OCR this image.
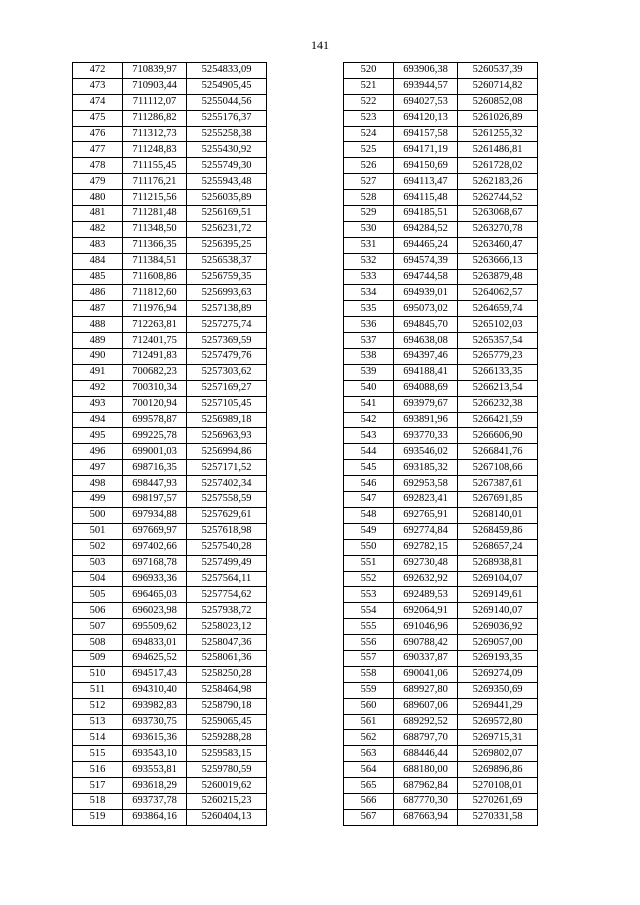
141
472	710839,97	5254833,09
473	710903,44	5254905,45
474	711112,07	5255044,56
475	711286,82	5255176,37
476	711312,73	5255258,38
477	711248,83	5255430,92
478	711155,45	5255749,30
479	711176,21	5255943,48
480	711215,56	5256035,89
481	711281,48	5256169,51
482	711348,50	5256231,72
483	711366,35	5256395,25
484	711384,51	5256538,37
485	711608,86	5256759,35
486	711812,60	5256993,63
487	711976,94	5257138,89
488	712263,81	5257275,74
489	712401,75	5257369,59
490	712491,83	5257479,76
491	700682,23	5257303,62
492	700310,34	5257169,27
493	700120,94	5257105,45
494	699578,87	5256989,18
495	699225,78	5256963,93
496	699001,03	5256994,86
497	698716,35	5257171,52
498	698447,93	5257402,34
499	698197,57	5257558,59
500	697934,88	5257629,61
501	697669,97	5257618,98
502	697402,66	5257540,28
503	697168,78	5257499,49
504	696933,36	5257564,11
505	696465,03	5257754,62
506	696023,98	5257938,72
507	695509,62	5258023,12
508	694833,01	5258047,36
509	694625,52	5258061,36
510	694517,43	5258250,28
511	694310,40	5258464,98
512	693982,83	5258790,18
513	693730,75	5259065,45
514	693615,36	5259288,28
515	693543,10	5259583,15
516	693553,81	5259780,59
517	693618,29	5260019,62
518	693737,78	5260215,23
519	693864,16	5260404,13
520	693906,38	5260537,39
521	693944,57	5260714,82
522	694027,53	5260852,08
523	694120,13	5261026,89
524	694157,58	5261255,32
525	694171,19	5261486,81
526	694150,69	5261728,02
527	694113,47	5262183,26
528	694115,48	5262744,52
529	694185,51	5263068,67
530	694284,52	5263270,78
531	694465,24	5263460,47
532	694574,39	5263666,13
533	694744,58	5263879,48
534	694939,01	5264062,57
535	695073,02	5264659,74
536	694845,70	5265102,03
537	694638,08	5265357,54
538	694397,46	5265779,23
539	694188,41	5266133,35
540	694088,69	5266213,54
541	693979,67	5266232,38
542	693891,96	5266421,59
543	693770,33	5266606,90
544	693546,02	5266841,76
545	693185,32	5267108,66
546	692953,58	5267387,61
547	692823,41	5267691,85
548	692765,91	5268140,01
549	692774,84	5268459,86
550	692782,15	5268657,24
551	692730,48	5268938,81
552	692632,92	5269104,07
553	692489,53	5269149,61
554	692064,91	5269140,07
555	691046,96	5269036,92
556	690788,42	5269057,00
557	690337,87	5269193,35
558	690041,06	5269274,09
559	689927,80	5269350,69
560	689607,06	5269441,29
561	689292,52	5269572,80
562	688797,70	5269715,31
563	688446,44	5269802,07
564	688180,00	5269896,86
565	687962,84	5270108,01
566	687770,30	5270261,69
567	687663,94	5270331,58
